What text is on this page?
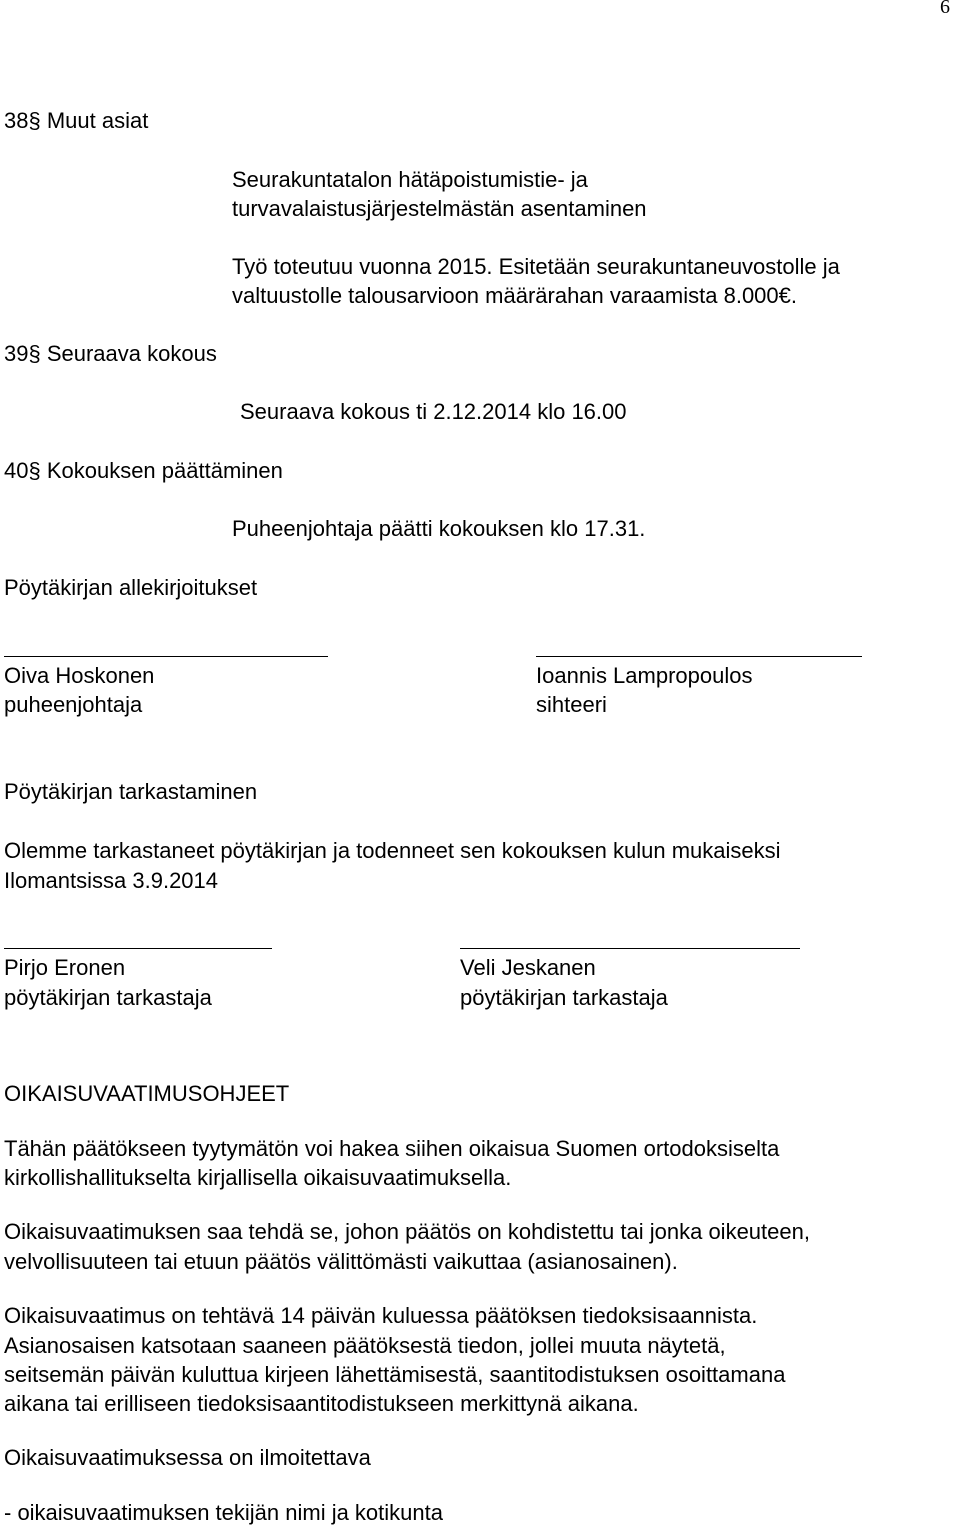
6
38§ Muut asiat
Seurakuntatalon hätäpoistumistie- ja
turvavalaistusjärjestelmästän asentaminen
Työ toteutuu vuonna 2015. Esitetään seurakuntaneuvostolle ja
valtuustolle talousarvioon määrärahan varaamista 8.000€.
39§ Seuraava kokous
Seuraava kokous ti 2.12.2014 klo 16.00
40§ Kokouksen päättäminen
Puheenjohtaja päätti kokouksen klo 17.31.
Pöytäkirjan allekirjoitukset
Oiva Hoskonen
puheenjohtaja
Ioannis Lampropoulos
sihteeri
Pöytäkirjan tarkastaminen
Olemme tarkastaneet pöytäkirjan ja todenneet sen kokouksen kulun mukaiseksi
Ilomantsissa 3.9.2014
Pirjo Eronen
pöytäkirjan tarkastaja
Veli Jeskanen
pöytäkirjan tarkastaja
OIKAISUVAATIMUSOHJEET
Tähän päätökseen tyytymätön voi hakea siihen oikaisua Suomen ortodoksiselta
kirkollishallitukselta kirjallisella oikaisuvaatimuksella.
Oikaisuvaatimuksen saa tehdä se, johon päätös on kohdistettu tai jonka oikeuteen,
velvollisuuteen tai etuun päätös välittömästi vaikuttaa (asianosainen).
Oikaisuvaatimus on tehtävä 14 päivän kuluessa päätöksen tiedoksisaannista.
Asianosaisen katsotaan saaneen päätöksestä tiedon, jollei muuta näytetä,
seitsemän päivän kuluttua kirjeen lähettämisestä, saantitodistuksen osoittamana
aikana tai erilliseen tiedoksisaantitodistukseen merkittynä aikana.
Oikaisuvaatimuksessa on ilmoitettava
- oikaisuvaatimuksen tekijän nimi ja kotikunta
